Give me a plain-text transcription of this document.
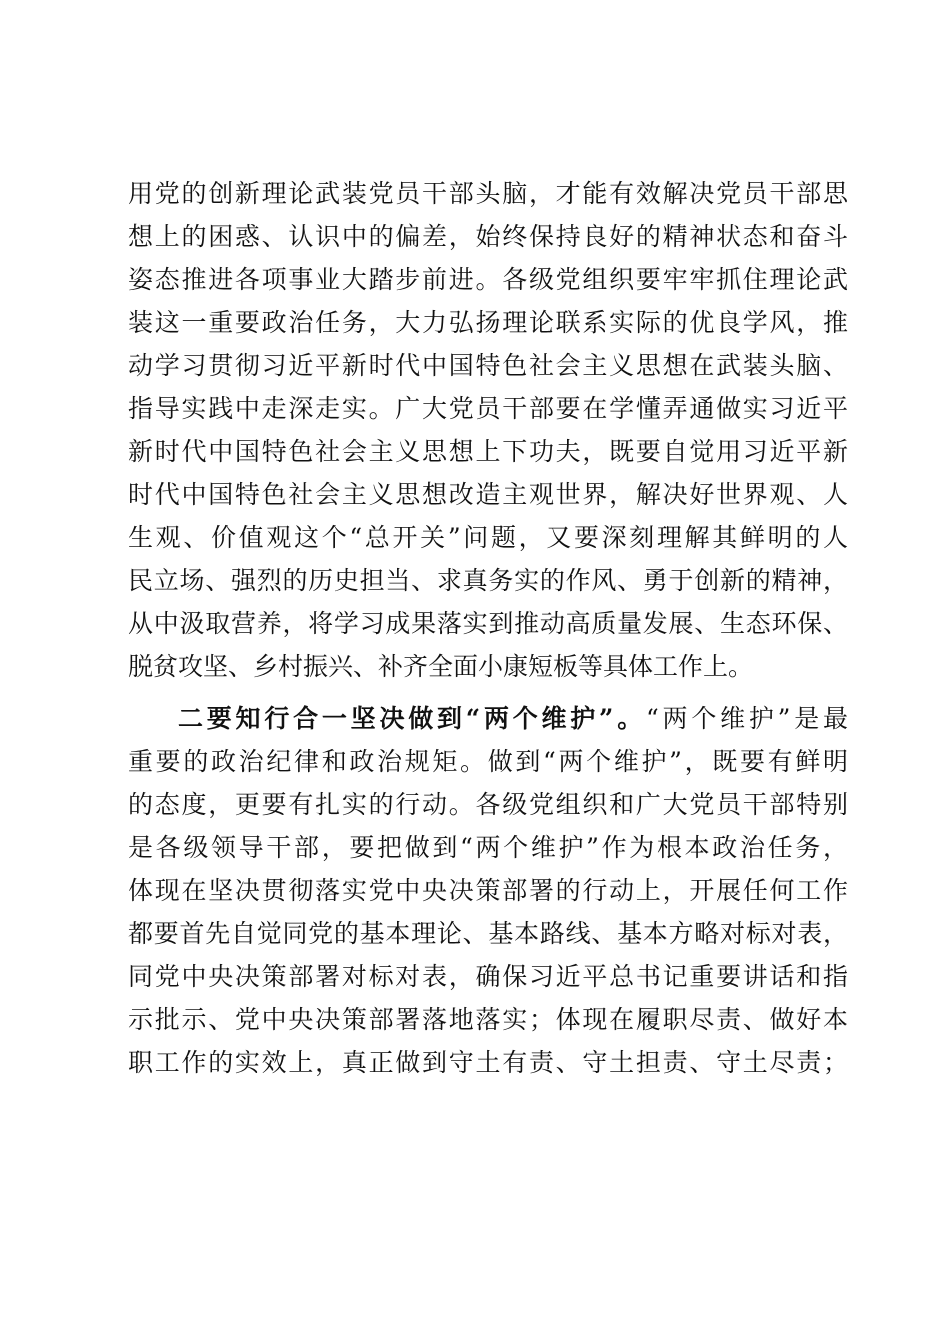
用党的创新理论武装党员干部头脑，才能有效解决党员干部思
想上的困惑、认识中的偏差，始终保持良好的精神状态和奋斗
姿态推进各项事业大踏步前进。各级党组织要牢牢抓住理论武
装这一重要政治任务，大力弘扬理论联系实际的优良学风，推
动学习贯彻习近平新时代中国特色社会主义思想在武装头脑、
指导实践中走深走实。广大党员干部要在学懂弄通做实习近平
新时代中国特色社会主义思想上下功夫，既要自觉用习近平新
时代中国特色社会主义思想改造主观世界，解决好世界观、人
生观、价值观这个“总开关”问题，又要深刻理解其鲜明的人
民立场、强烈的历史担当、求真务实的作风、勇于创新的精神，
从中汲取营养，将学习成果落实到推动高质量发展、生态环保、
脱贫攻坚、乡村振兴、补齐全面小康短板等具体工作上。
二要知行合一坚决做到“两个维护”。“两个维护”是最
重要的政治纪律和政治规矩。做到“两个维护”，既要有鲜明
的态度，更要有扎实的行动。各级党组织和广大党员干部特别
是各级领导干部，要把做到“两个维护”作为根本政治任务，
体现在坚决贯彻落实党中央决策部署的行动上，开展任何工作
都要首先自觉同党的基本理论、基本路线、基本方略对标对表，
同党中央决策部署对标对表，确保习近平总书记重要讲话和指
示批示、党中央决策部署落地落实；体现在履职尽责、做好本
职工作的实效上，真正做到守土有责、守土担责、守土尽责；
